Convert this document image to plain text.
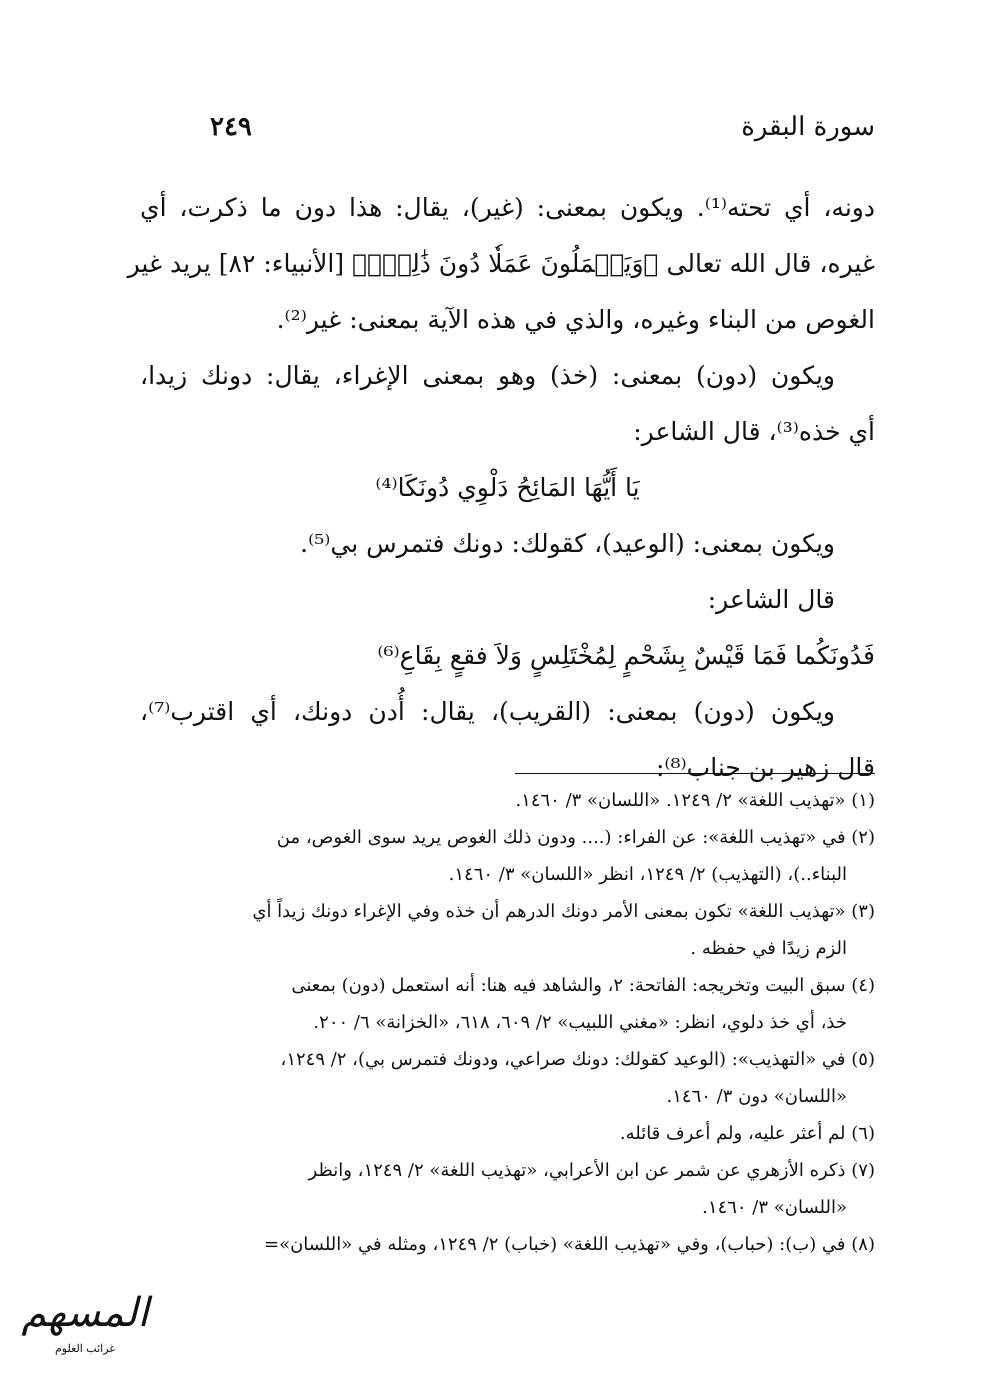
سورة البقرة
٢٤٩
دونه، أي تحته⁽¹⁾. ويكون بمعنى: (غير)، يقال: هذا دون ما ذكرت، أي
غيره، قال الله تعالى ﴿وَيَعۡمَلُونَ عَمَلٗا دُونَ ذَٰلِكَۖ﴾ [الأنبياء: ٨٢] يريد غير
الغوص من البناء وغيره، والذي في هذه الآية بمعنى: غير⁽²⁾.
ويكون (دون) بمعنى: (خذ) وهو بمعنى الإغراء، يقال: دونك زيدا،
أي خذه⁽³⁾، قال الشاعر:
يَا أَيُّهَا المَائِحُ دَلْوِي دُونَكَا⁽⁴⁾
ويكون بمعنى: (الوعيد)، كقولك: دونك فتمرس بي⁽⁵⁾.
قال الشاعر:
فَدُونَكُما فَمَا قَيْسٌ بِشَحْمٍ لِمُخْتَلِسٍ وَلاَ فقعٍ بِقَاعِ⁽⁶⁾
ويكون (دون) بمعنى: (القريب)، يقال: أُدن دونك، أي اقترب⁽⁷⁾،
قال زهير بن جناب⁽⁸⁾:
(١) «تهذيب اللغة» ٢/ ١٢٤٩. «اللسان» ٣/ ١٤٦٠.
(٢) في «تهذيب اللغة»: عن الفراء: (.... ودون ذلك الغوص يريد سوى الغوص، من
البناء..)، (التهذيب) ٢/ ١٢٤٩، انظر «اللسان» ٣/ ١٤٦٠.
(٣) «تهذيب اللغة» تكون بمعنى الأمر دونك الدرهم أن خذه وفي الإغراء دونك زيداً أي
الزم زيدًا في حفظه .
(٤) سبق البيت وتخريجه: الفاتحة: ٢، والشاهد فيه هنا: أنه استعمل (دون) بمعنى
خذ، أي خذ دلوي، انظر: «مغني اللبيب» ٢/ ٦٠٩، ٦١٨، «الخزانة» ٦/ ٢٠٠.
(٥) في «التهذيب»: (الوعيد كقولك: دونك صراعي، ودونك فتمرس بي)، ٢/ ١٢٤٩،
«اللسان» دون ٣/ ١٤٦٠.
(٦) لم أعثر عليه، ولم أعرف قائله.
(٧) ذكره الأزهري عن شمر عن ابن الأعرابي، «تهذيب اللغة» ٢/ ١٢٤٩، وانظر
«اللسان» ٣/ ١٤٦٠.
(٨) في (ب): (حباب)، وفي «تهذيب اللغة» (خباب) ٢/ ١٢٤٩، ومثله في «اللسان»=
المسهم
غرائب العلوم
